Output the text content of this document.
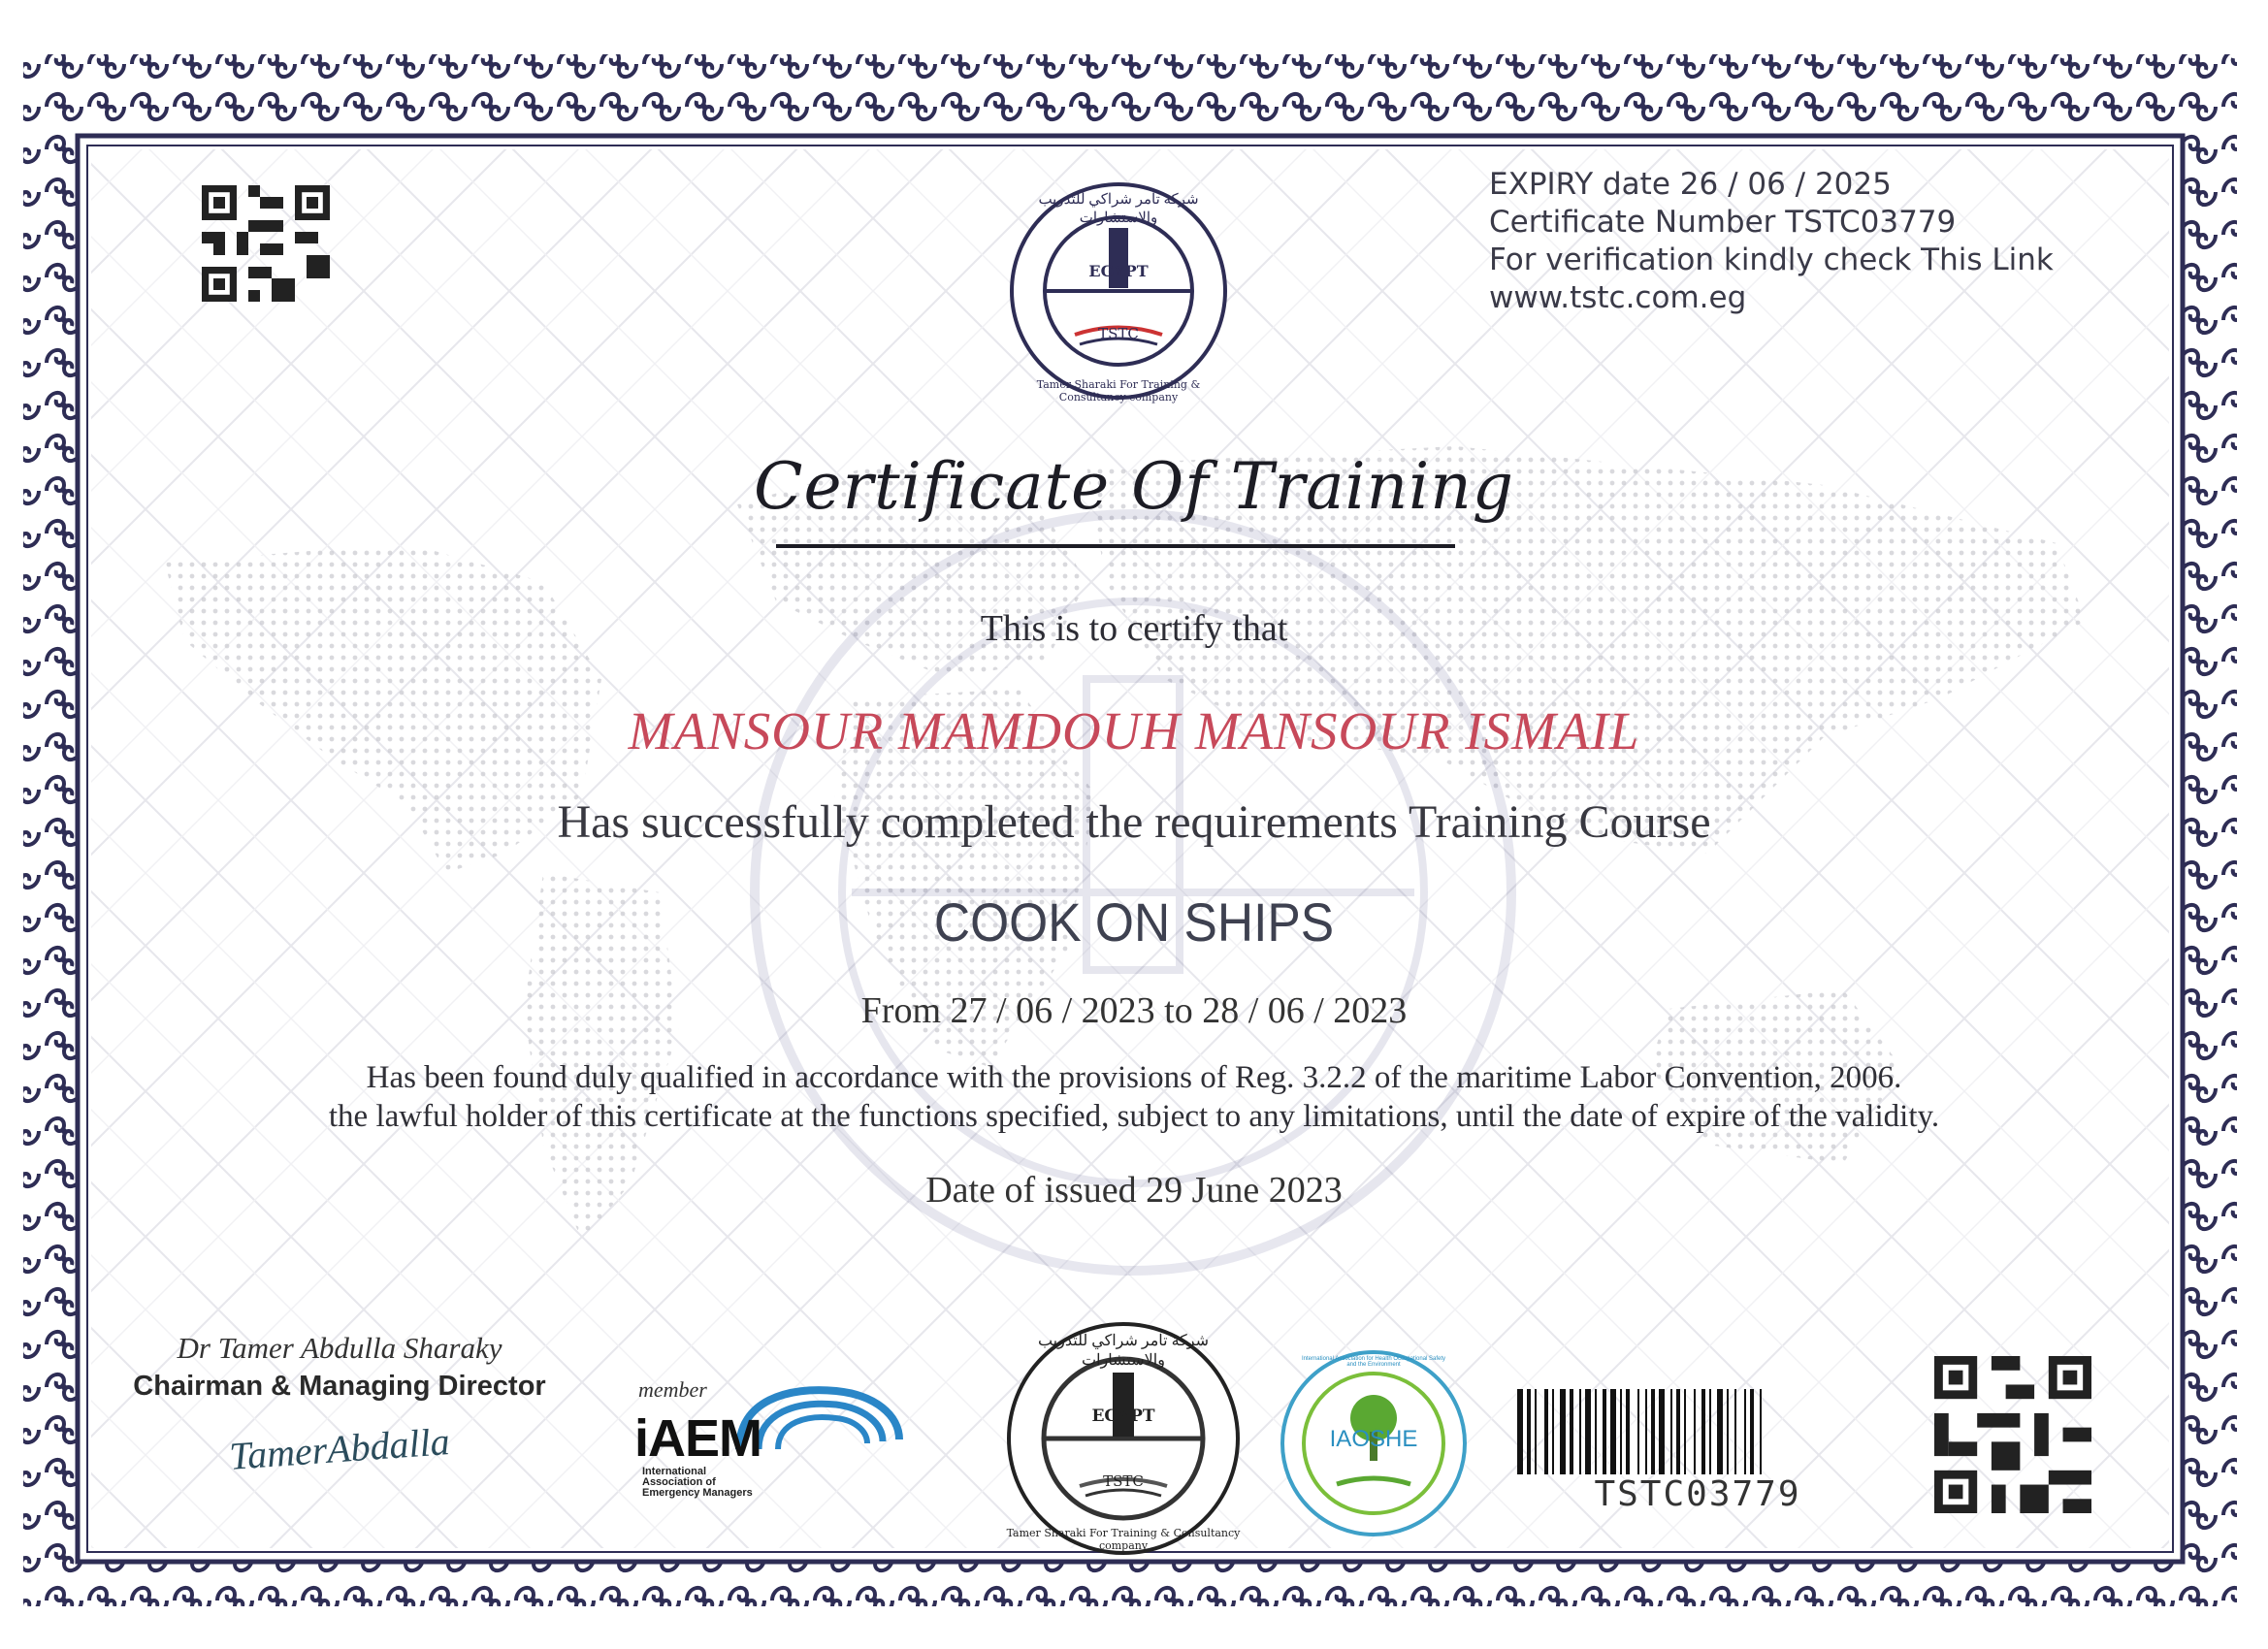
EGYPT
TSTC
شركة تامر شراكي للتدريب والاستشارات
Tamer Sharaki For Training & Consultancy company
EXPIRY date 26 / 06 / 2025
Certificate Number TSTC03779
For verification kindly check This Link
www.tstc.com.eg
Certificate Of Training
This is to certify that
MANSOUR MAMDOUH MANSOUR ISMAIL
Has successfully completed the requirements Training Course
COOK ON SHIPS
From 27 / 06 / 2023 to 28 / 06 / 2023
Has been found duly qualified in accordance with the provisions of Reg. 3.2.2 of the maritime Labor Convention, 2006.
the lawful holder of this certificate at the functions specified, subject to any limitations, until the date of expire of the validity.
Date of issued 29 June 2023
Dr Tamer Abdulla Sharaky
Chairman & Managing Director
TamerAbdalla
member
iAEM
International
Association of
Emergency Managers
EGYPT
TSTC
شركة تامر شراكي للتدريب والاستشارات
Tamer Sharaki For Training & Consultancy company
IAOSHE
International Association for Health Occupational Safety and the Environment
TSTC03779
